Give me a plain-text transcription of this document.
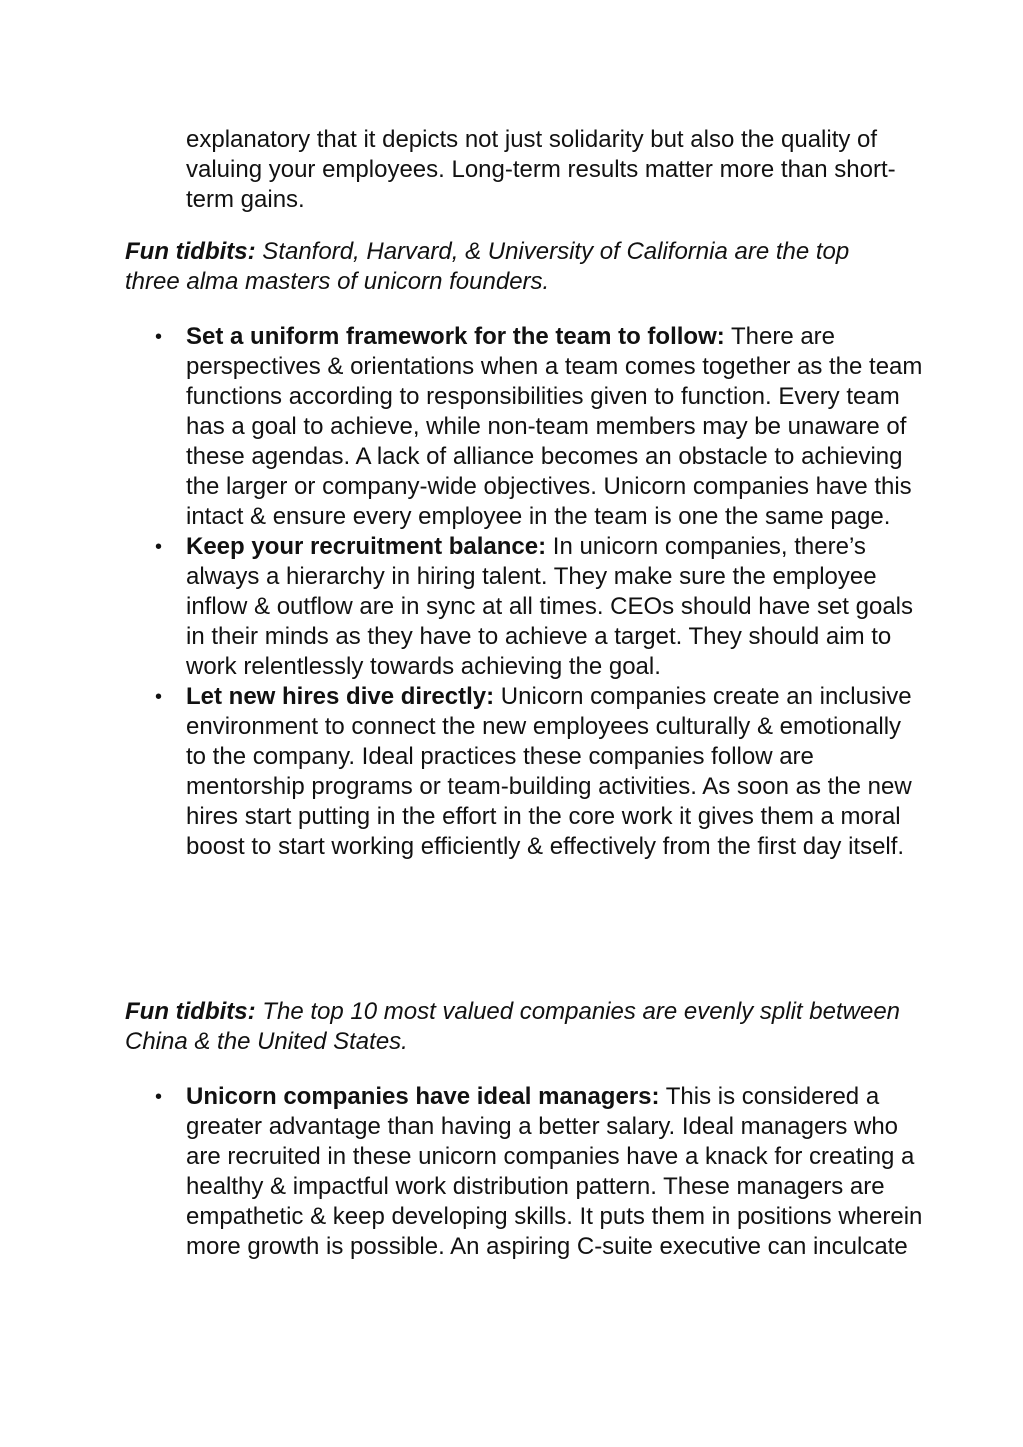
explanatory that it depicts not just solidarity but also the quality of valuing your employees. Long-term results matter more than short-term gains.

Fun tidbits: Stanford, Harvard, & University of California are the top three alma masters of unicorn founders.

• Set a uniform framework for the team to follow: There are perspectives & orientations when a team comes together as the team functions according to responsibilities given to function. Every team has a goal to achieve, while non-team members may be unaware of these agendas. A lack of alliance becomes an obstacle to achieving the larger or company-wide objectives. Unicorn companies have this intact & ensure every employee in the team is one the same page.
• Keep your recruitment balance: In unicorn companies, there’s always a hierarchy in hiring talent. They make sure the employee inflow & outflow are in sync at all times. CEOs should have set goals in their minds as they have to achieve a target. They should aim to work relentlessly towards achieving the goal.
• Let new hires dive directly: Unicorn companies create an inclusive environment to connect the new employees culturally & emotionally to the company. Ideal practices these companies follow are mentorship programs or team-building activities. As soon as the new hires start putting in the effort in the core work it gives them a moral boost to start working efficiently & effectively from the first day itself.

Fun tidbits: The top 10 most valued companies are evenly split between China & the United States.

• Unicorn companies have ideal managers: This is considered a greater advantage than having a better salary. Ideal managers who are recruited in these unicorn companies have a knack for creating a healthy & impactful work distribution pattern. These managers are empathetic & keep developing skills. It puts them in positions wherein more growth is possible. An aspiring C-suite executive can inculcate
